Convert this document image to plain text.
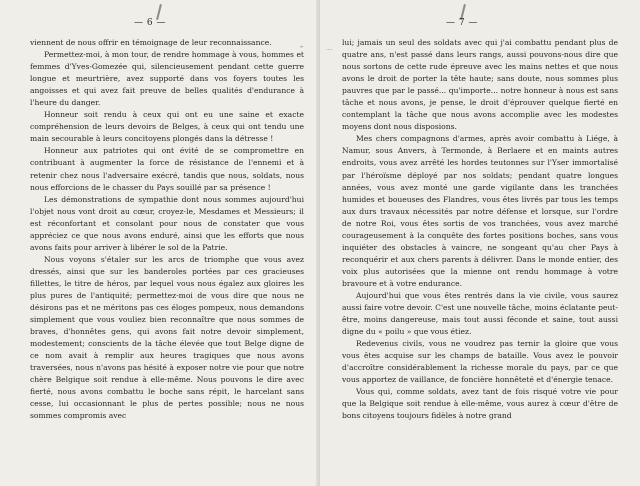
— 6 —
»

viennent de nous offrir en témoignage de leur reconnaissance.

Permettez-moi, à mon tour, de rendre hommage à vous, hommes et femmes d'Yves-Gomezée qui, silencieusement pendant cette guerre longue et meurtrière, avez supporté dans vos foyers toutes les angoisses et qui avez fait preuve de belles qualités d'endurance à l'heure du danger.

Honneur soit rendu à ceux qui ont eu une saine et exacte compréhension de leurs devoirs de Belges, à ceux qui ont tendu une main secourable à leurs concitoyens plongés dans la détresse !

Honneur aux patriotes qui ont évité de se compromettre en contribuant à augmenter la force de résistance de l'ennemi et à retenir chez nous l'adversaire exécré, tandis que nous, soldats, nous nous efforcions de le chasser du Pays souillé par sa présence !

Les démonstrations de sympathie dont nous sommes aujourd'hui l'objet nous vont droit au cœur, croyez-le, Mesdames et Messieurs; il est réconfortant et consolant pour nous de constater que vous appréciez ce que nous avons enduré, ainsi que les efforts que nous avons faits pour arriver à libérer le sol de la Patrie.

Nous voyons s'étaler sur les arcs de triomphe que vous avez dressés, ainsi que sur les banderoles portées par ces gracieuses fillettes, le titre de héros, par lequel vous nous égalez aux gloires les plus pures de l'antiquité; permettez-moi de vous dire que nous ne désirons pas et ne méritons pas ces éloges pompeux, nous demandons simplement que vous vouliez bien reconnaître que nous sommes de braves, d'honnêtes gens, qui avons fait notre devoir simplement, modestement; conscients de la tâche élevée que tout Belge digne de ce nom avait à remplir aux heures tragiques que nous avons traversées, nous n'avons pas hésité à exposer notre vie pour que notre chère Belgique soit rendue à elle-même. Nous pouvons le dire avec fierté, nous avons combattu le boche sans répit, le harcelant sans cesse, lui occasionnant le plus de pertes possible; nous ne nous sommes compromis avec

— 7 —
....

lui; jamais un seul des soldats avec qui j'ai combattu pendant plus de quatre ans, n'est passé dans leurs rangs, aussi pouvons-nous dire que nous sortons de cette rude épreuve avec les mains nettes et que nous avons le droit de porter la tête haute; sans doute, nous sommes plus pauvres que par le passé... qu'importe... notre honneur à nous est sans tâche et nous avons, je pense, le droit d'éprouver quelque fierté en contemplant la tâche que nous avons accomplie avec les modestes moyens dont nous disposions.

Mes chers compagnons d'armes, après avoir combattu à Liége, à Namur, sous Anvers, à Termonde, à Berlaere et en maints autres endroits, vous avez arrêté les hordes teutonnes sur l'Yser immortalisé par l'héroïsme déployé par nos soldats; pendant quatre longues années, vous avez monté une garde vigilante dans les tranchées humides et boueuses des Flandres, vous êtes livrés par tous les temps aux durs travaux nécessités par notre défense et lorsque, sur l'ordre de notre Roi, vous êtes sortis de vos tranchées, vous avez marché courageusement à la conquête des fortes positions boches, sans vous inquiéter des obstacles à vaincre, ne songeant qu'au cher Pays à reconquérir et aux chers parents à délivrer. Dans le monde entier, des voix plus autorisées que la mienne ont rendu hommage à votre bravoure et à votre endurance.

Aujourd'hui que vous êtes rentrés dans la vie civile, vous saurez aussi faire votre devoir. C'est une nouvelle tâche, moins éclatante peut-être, moins dangereuse, mais tout aussi féconde et saine, tout aussi digne du « poilu » que vous étiez.

Redevenus civils, vous ne voudrez pas ternir la gloire que vous vous êtes acquise sur les champs de bataille. Vous avez le pouvoir d'accroître considérablement la richesse morale du pays, par ce que vous apportez de vaillance, de foncière honnêteté et d'énergie tenace.

Vous qui, comme soldats, avez tant de fois risqué votre vie pour que la Belgique soit rendue à elle-même, vous aurez à cœur d'être de bons citoyens toujours fidèles à notre grand
